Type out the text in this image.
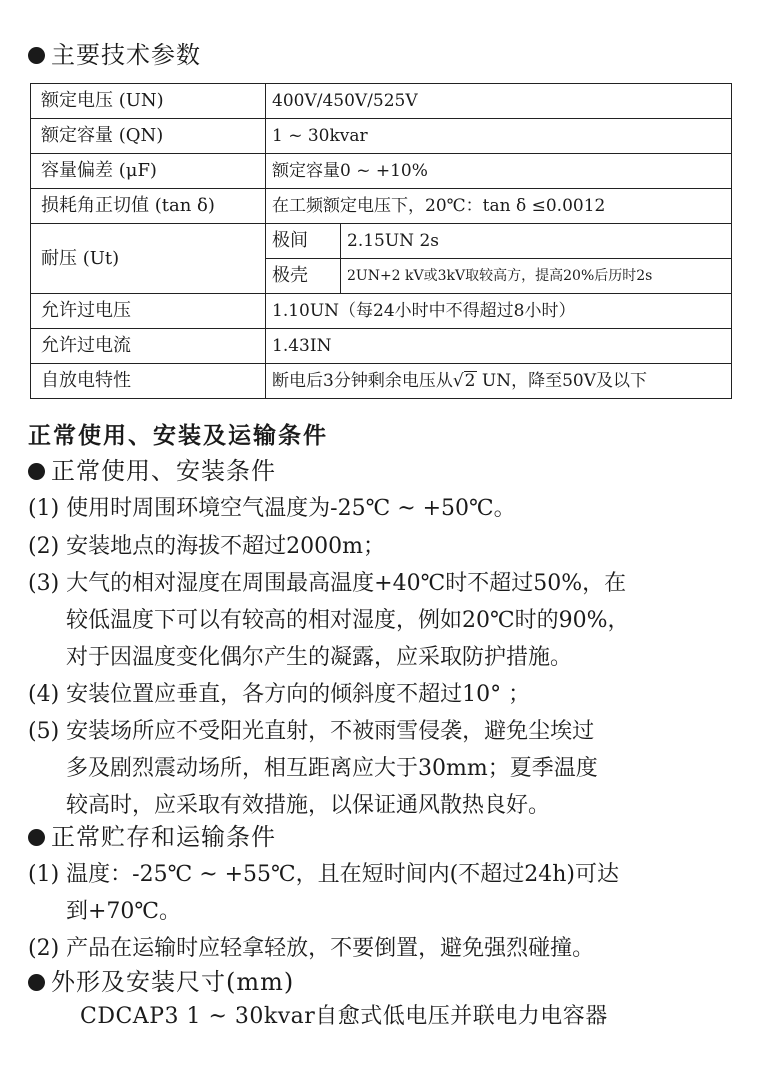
主要技术参数
额定电压 (UN)	400V/450V/525V	
额定容量 (QN)	1 ~ 30kvar	
容量偏差 (μF)	额定容量0 ~ +10%	
损耗角正切值 (tan δ)	在工频额定电压下，20℃：tan δ ≤0.0012	
耐压 (Ut)	极间	2.15UN 2s
	极壳	2UN+2 kV或3kV取较高方，提高20%后历时2s
允许过电压	1.10UN（每24小时中不得超过8小时）	
允许过电流	1.43IN	
自放电特性	断电后3分钟剩余电压从√2 UN，降至50V及以下	
正常使用、安装及运输条件
正常使用、安装条件
(1) 使用时周围环境空气温度为-25℃ ~ +50℃。
(2) 安装地点的海拔不超过2000m；
(3) 大气的相对湿度在周围最高温度+40℃时不超过50%，在
较低温度下可以有较高的相对湿度，例如20℃时的90%，
对于因温度变化偶尔产生的凝露，应采取防护措施。
(4) 安装位置应垂直，各方向的倾斜度不超过10° ；
(5) 安装场所应不受阳光直射，不被雨雪侵袭，避免尘埃过
多及剧烈震动场所，相互距离应大于30mm；夏季温度
较高时，应采取有效措施，以保证通风散热良好。
正常贮存和运输条件
(1) 温度：-25℃ ~ +55℃，且在短时间内(不超过24h)可达
到+70℃。
(2) 产品在运输时应轻拿轻放，不要倒置，避免强烈碰撞。
外形及安装尺寸(mm)
CDCAP3 1 ~ 30kvar自愈式低电压并联电力电容器
